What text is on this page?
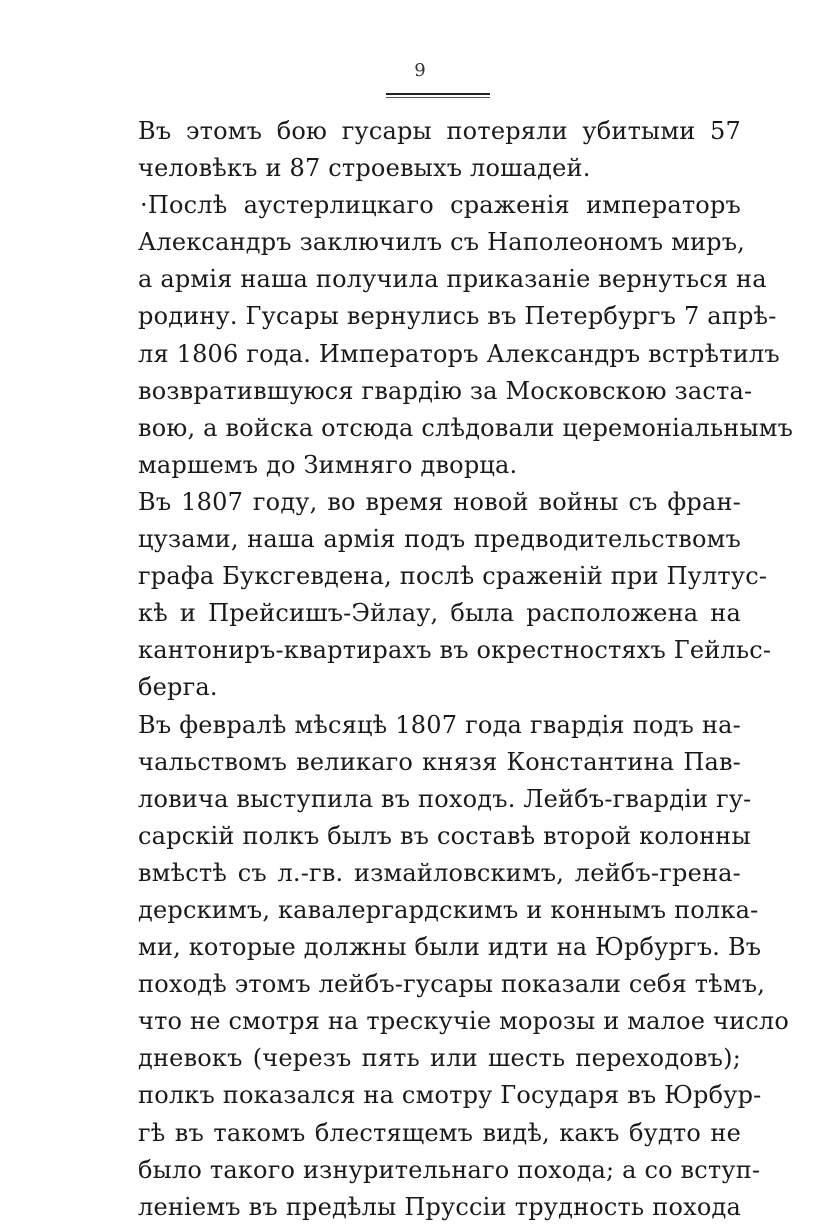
9
Въ этомъ бою гусары потеряли убитыми 57
человѣкъ и 87 строевыхъ лошадей.
·Послѣ аустерлицкаго сраженія императоръ
Александръ заключилъ съ Наполеономъ миръ,
а армія наша получила приказаніе вернуться на
родину. Гусары вернулись въ Петербургъ 7 апрѣ-
ля 1806 года. Императоръ Александръ встрѣтилъ
возвратившуюся гвардію за Московскою заста-
вою, а войска отсюда слѣдовали церемоніальнымъ
маршемъ до Зимняго дворца.
Въ 1807 году, во время новой войны съ фран-
цузами, наша армія подъ предводительствомъ
графа Буксгевдена, послѣ сраженій при Пултус-
кѣ и Прейсишъ-Эйлау, была расположена на
кантониръ-квартирахъ въ окрестностяхъ Гейльс-
берга.
Въ февралѣ мѣсяцѣ 1807 года гвардія подъ на-
чальствомъ великаго князя Константина Пав-
ловича выступила въ походъ. Лейбъ-гвардіи гу-
сарскій полкъ былъ въ составѣ второй колонны
вмѣстѣ съ л.-гв. измайловскимъ, лейбъ-грена-
дерскимъ, кавалергардскимъ и коннымъ полка-
ми, которые должны были идти на Юрбургъ. Въ
походѣ этомъ лейбъ-гусары показали себя тѣмъ,
что не смотря на трескучіе морозы и малое число
дневокъ (черезъ пять или шесть переходовъ);
полкъ показался на смотру Государя въ Юрбур-
гѣ въ такомъ блестящемъ видѣ, какъ будто не
было такого изнурительнаго похода; а со вступ-
леніемъ въ предѣлы Пруссіи трудность похода
